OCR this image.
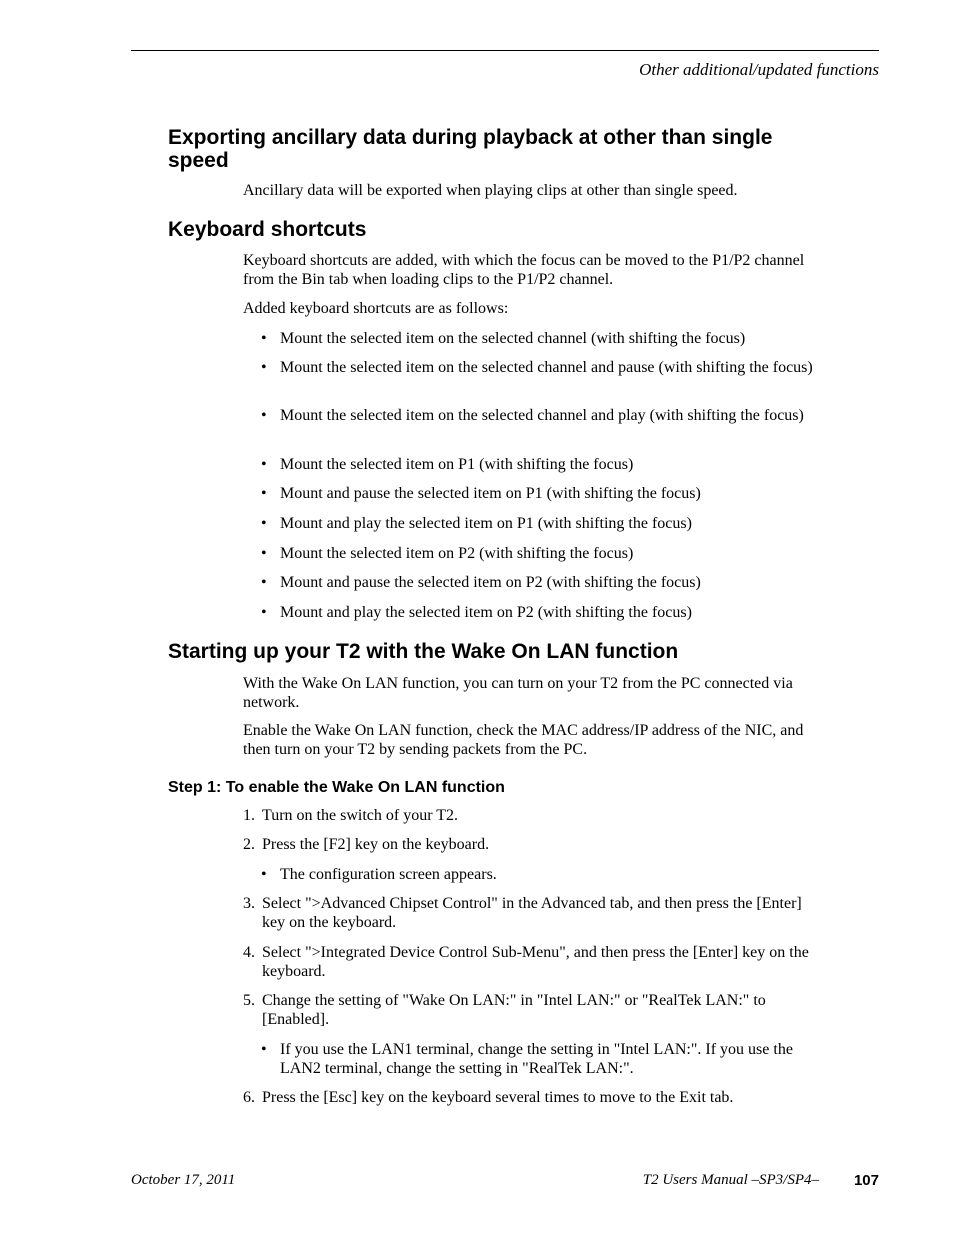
Other additional/updated functions
Exporting ancillary data during playback at other than single speed

Ancillary data will be exported when playing clips at other than single speed.

Keyboard shortcuts

Keyboard shortcuts are added, with which the focus can be moved to the P1/P2 channel from the Bin tab when loading clips to the P1/P2 channel.

Added keyboard shortcuts are as follows:

• Mount the selected item on the selected channel (with shifting the focus)
• Mount the selected item on the selected channel and pause (with shifting the focus)
• Mount the selected item on the selected channel and play (with shifting the focus)
• Mount the selected item on P1 (with shifting the focus)
• Mount and pause the selected item on P1 (with shifting the focus)
• Mount and play the selected item on P1 (with shifting the focus)
• Mount the selected item on P2 (with shifting the focus)
• Mount and pause the selected item on P2 (with shifting the focus)
• Mount and play the selected item on P2 (with shifting the focus)
Starting up your T2 with the Wake On LAN function

With the Wake On LAN function, you can turn on your T2 from the PC connected via network.

Enable the Wake On LAN function, check the MAC address/IP address of the NIC, and then turn on your T2 by sending packets from the PC.

Step 1: To enable the Wake On LAN function
1. Turn on the switch of your T2.
2. Press the [F2] key on the keyboard.
• The configuration screen appears.
3. Select ">Advanced Chipset Control" in the Advanced tab, and then press the [Enter] key on the keyboard.
4. Select ">Integrated Device Control Sub-Menu", and then press the [Enter] key on the keyboard.
5. Change the setting of "Wake On LAN:" in "Intel LAN:" or "RealTek LAN:" to [Enabled].
• If you use the LAN1 terminal, change the setting in "Intel LAN:". If you use the LAN2 terminal, change the setting in "RealTek LAN:".
6. Press the [Esc] key on the keyboard several times to move to the Exit tab.
October 17, 2011	T2 Users Manual –SP3/SP4– 107
